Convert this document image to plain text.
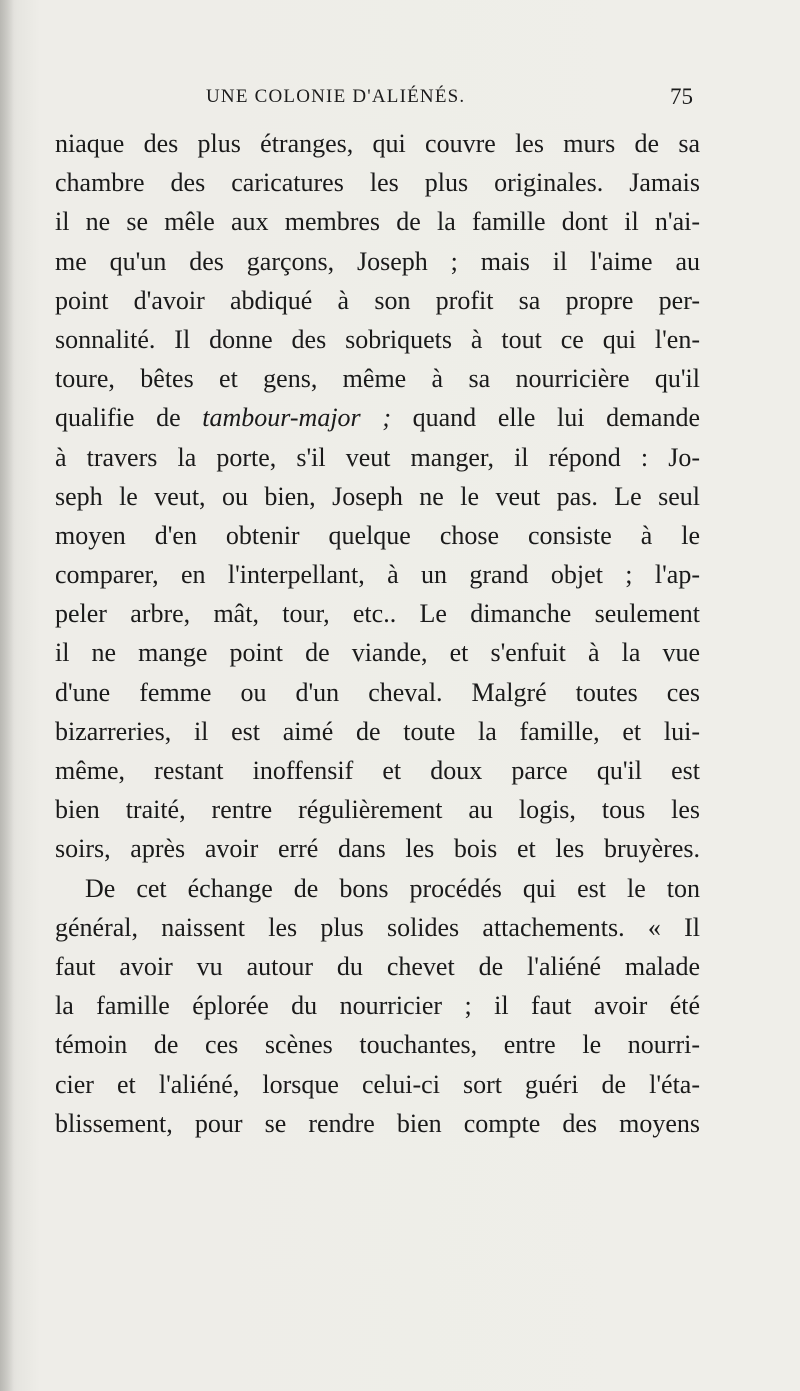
UNE COLONIE D'ALIÉNÉS.	75
niaque des plus étranges, qui couvre les murs de sa
chambre des caricatures les plus originales. Jamais
il ne se mêle aux membres de la famille dont il n'ai-
me qu'un des garçons, Joseph ; mais il l'aime au
point d'avoir abdiqué à son profit sa propre per-
sonnalité. Il donne des sobriquets à tout ce qui l'en-
toure, bêtes et gens, même à sa nourricière qu'il
qualifie de tambour-major ; quand elle lui demande
à travers la porte, s'il veut manger, il répond : Jo-
seph le veut, ou bien, Joseph ne le veut pas. Le seul
moyen d'en obtenir quelque chose consiste à le
comparer, en l'interpellant, à un grand objet ; l'ap-
peler arbre, mât, tour, etc.. Le dimanche seulement
il ne mange point de viande, et s'enfuit à la vue
d'une femme ou d'un cheval. Malgré toutes ces
bizarreries, il est aimé de toute la famille, et lui-
même, restant inoffensif et doux parce qu'il est
bien traité, rentre régulièrement au logis, tous les
soirs, après avoir erré dans les bois et les bruyères.
De cet échange de bons procédés qui est le ton
général, naissent les plus solides attachements. « Il
faut avoir vu autour du chevet de l'aliéné malade
la famille éplorée du nourricier ; il faut avoir été
témoin de ces scènes touchantes, entre le nourri-
cier et l'aliéné, lorsque celui-ci sort guéri de l'éta-
blissement, pour se rendre bien compte des moyens
